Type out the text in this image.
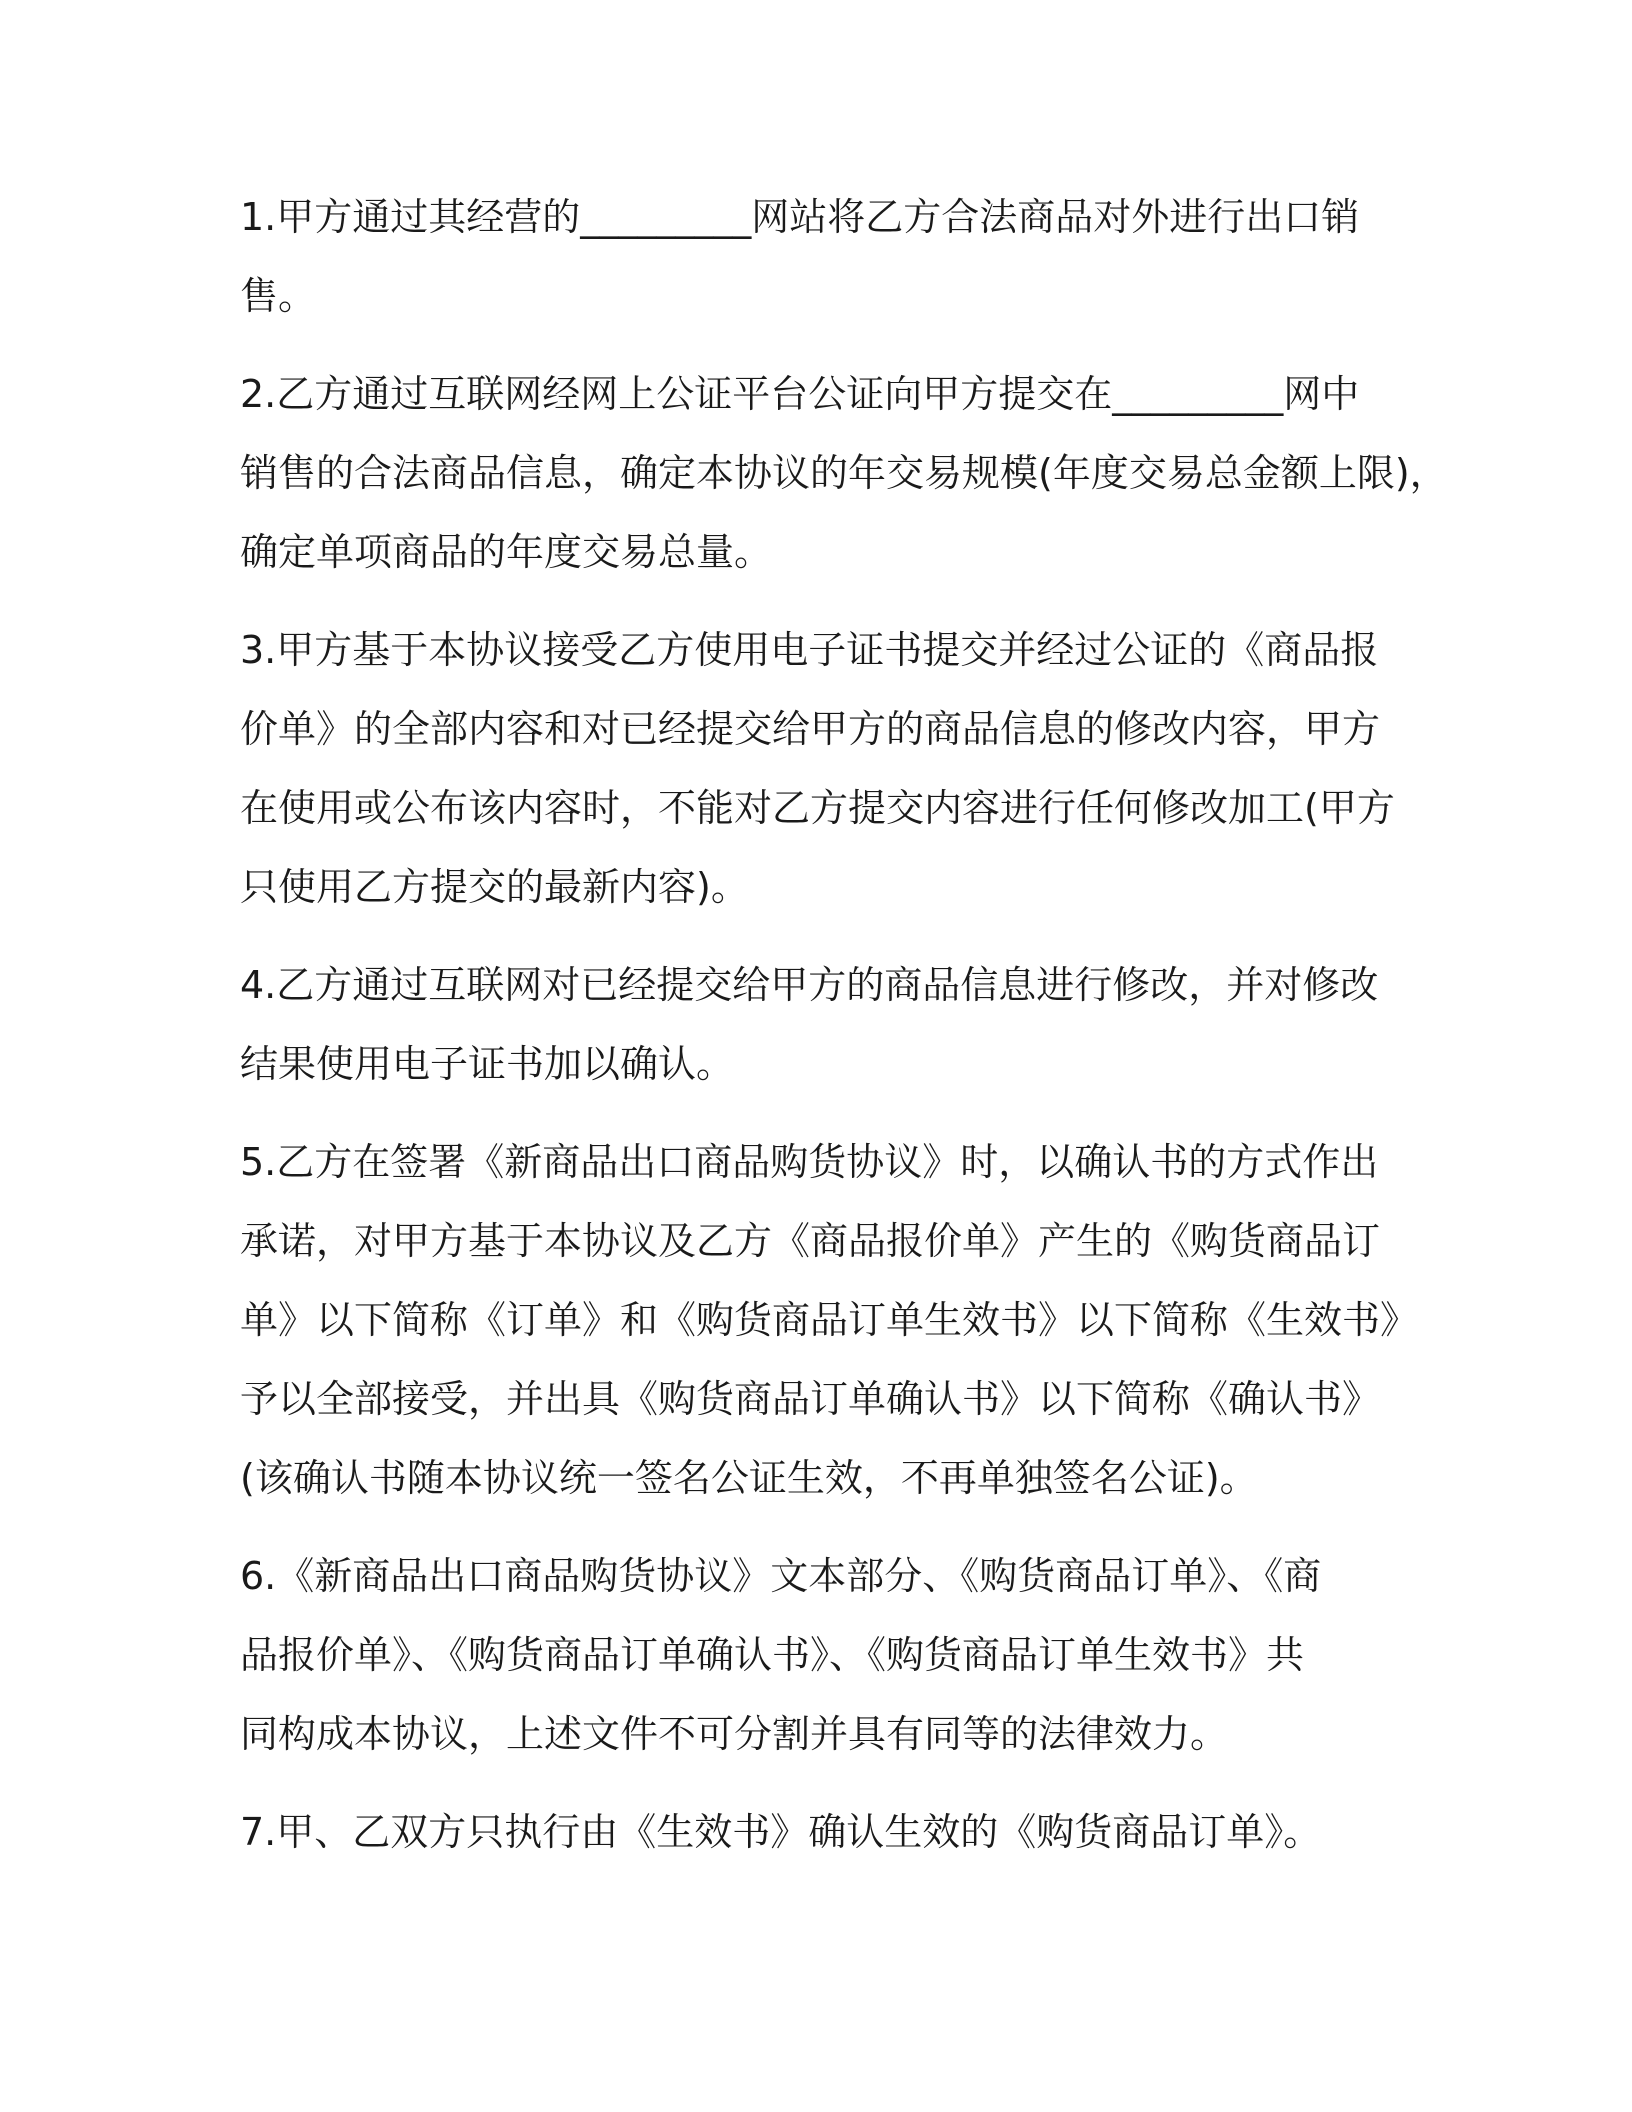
1.甲方通过其经营的_________网站将乙方合法商品对外进行出口销
售。

2.乙方通过互联网经网上公证平台公证向甲方提交在_________网中
销售的合法商品信息，确定本协议的年交易规模(年度交易总金额上限)，
确定单项商品的年度交易总量。

3.甲方基于本协议接受乙方使用电子证书提交并经过公证的《商品报
价单》的全部内容和对已经提交给甲方的商品信息的修改内容，甲方
在使用或公布该内容时，不能对乙方提交内容进行任何修改加工(甲方
只使用乙方提交的最新内容)。

4.乙方通过互联网对已经提交给甲方的商品信息进行修改，并对修改
结果使用电子证书加以确认。

5.乙方在签署《新商品出口商品购货协议》时，以确认书的方式作出
承诺，对甲方基于本协议及乙方《商品报价单》产生的《购货商品订
单》以下简称《订单》和《购货商品订单生效书》以下简称《生效书》
予以全部接受，并出具《购货商品订单确认书》以下简称《确认书》
(该确认书随本协议统一签名公证生效，不再单独签名公证)。

6.《新商品出口商品购货协议》文本部分、《购货商品订单》、《商
品报价单》、《购货商品订单确认书》、《购货商品订单生效书》共
同构成本协议，上述文件不可分割并具有同等的法律效力。

7.甲、乙双方只执行由《生效书》确认生效的《购货商品订单》。
